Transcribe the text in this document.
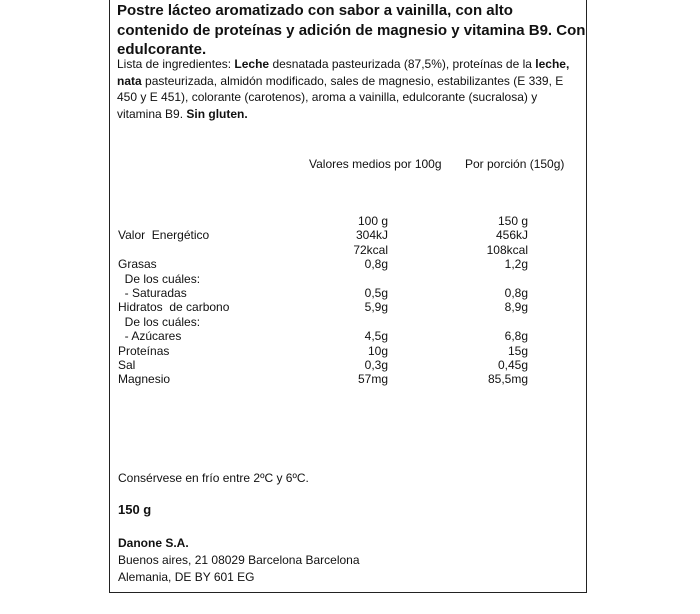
Postre lácteo aromatizado con sabor a vainilla, con alto contenido de proteínas y adición de magnesio y vitamina B9. Con edulcorante.
Lista de ingredientes: Leche desnatada pasteurizada (87,5%), proteínas de la leche, nata pasteurizada, almidón modificado, sales de magnesio, estabilizantes (E 339, E 450 y E 451), colorante (carotenos), aroma a vainilla, edulcorante (sucralosa) y vitamina B9. Sin gluten.
Valores medios por 100g Por porción (150g)
100 g	150 g
Valor  Energético	304kJ	456kJ
72kcal	108kcal
Grasas	0,8g	1,2g
De los cuáles:
- Saturadas	0,5g	0,8g
Hidratos  de carbono	5,9g	8,9g
De los cuáles:
- Azúcares	4,5g	6,8g
Proteínas	10g	15g
Sal	0,3g	0,45g
Magnesio	57mg	85,5mg
Consérvese en frío entre 2ºC y 6ºC.
150 g
Danone S.A.
Buenos aires, 21 08029 Barcelona Barcelona
Alemania, DE BY 601 EG
